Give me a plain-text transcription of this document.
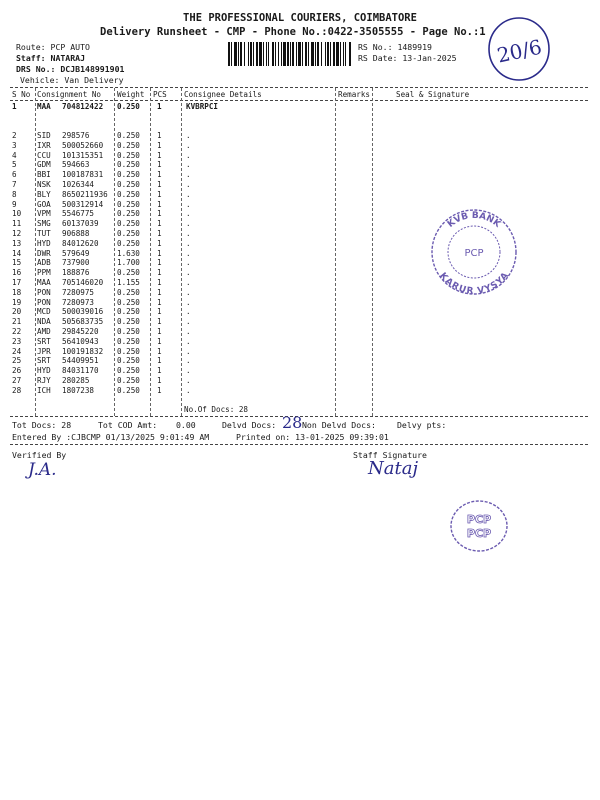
THE PROFESSIONAL COURIERS, COIMBATORE
Delivery Runsheet - CMP - Phone No.:0422-3505555 - Page No.:1
Route: PCP AUTO
Staff: NATARAJ
DRS No.: DCJB148991901
Vehicle: Van Delivery
RS No.: 1489919
RS Date: 13-Jan-2025 20/6
S No Consignment No Weight PCS Consignee Details	Remarks	Seal & Signature
1	MAA 704812422 0.250 1	KVBRPCI
2	SID 298576	0.250 1	.
3	IXR 500052660 0.250 1	.
4	CCU 101315351 0.250 1	.
5	GDM 594663	0.250 1	.
6	BBI 100187831 0.250 1	.
7	NSK 1026344	0.250 1	.
8	BLY 8650211936 0.250 1	.
9	GOA 500312914 0.250 1	.
10 VPM 5546775	0.250 1	.
11 SMG 60137039 0.250 1	.
12 TUT 906888	0.250 1	.
13 HYD 84012620 0.250 1	.
14 DWR 579649	1.630 1	.
15 ADB 737900	1.700 1	.
16 PPM 188876	0.250 1	.
17 MAA 705146020 1.155 1	.
18 PON 7280975	0.250 1	.
19 PON 7280973	0.250 1	.
20 MCD 500039016 0.250 1	.
21 NDA 505683735 0.250 1	.
22 AMD 29845220 0.250 1	.
23 SRT 56410943 0.250 1	.
24 JPR 100191832 0.250 1	.
25 SRT 54409951 0.250 1	.
26 HYD 84031170 0.250 1	.
27 RJY 280285	0.250 1	.
28 ICH 1807238	0.250 1	.
No.Of Docs: 28
Tot Docs: 28	Tot COD Amt: 0.00	Delvd Docs: 28 Non Delvd Docs:	Delvy pts:
Entered By :CJBCMP 01/13/2025 9:01:49 AM	Printed on: 13-01-2025 09:39:01
Verified By
J.A.
Staff Signature
Nataj
KVB BANK
KARUR VYSYA
PCP
PCP
PCP
